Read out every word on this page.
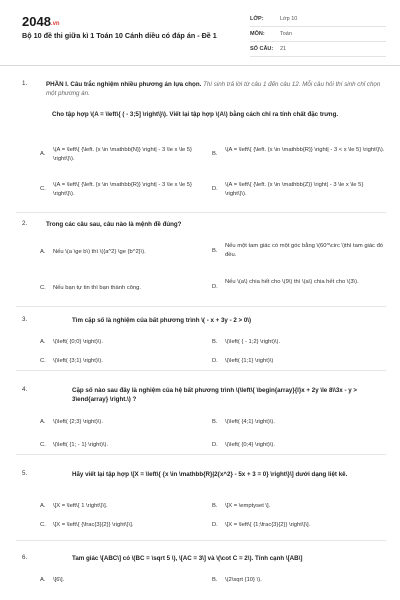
2048.vn
Bộ 10 đề thi giữa kì 1 Toán 10 Cánh diều có đáp án - Đề 1
LỚP:	Lớp 10
MÔN:	Toán
SỐ CÂU:	21
1.	PHẦN I. Câu trắc nghiệm nhiều phương án lựa chọn. Thí sinh trả lời từ câu 1 đến câu 12. Mỗi câu hỏi thí sinh chỉ chọn một phương án.
Cho tập hợp \(A = \left\{ ( - 3;5] \right\}\). Viết lại tập hợp \(A\) bằng cách chỉ ra tính chất đặc trưng.
A.
\(A = \left\{ {\left. {x \in \mathbb{N}} \right| - 3 \le x \le 5} \right\}\).
B.
\(A = \left\{ {\left. {x \in \mathbb{R}} \right| - 3 < x \le 5} \right\}\).
C.
\(A = \left\{ {\left. {x \in \mathbb{R}} \right| - 3 \le x \le 5} \right\}\).
D.
\(A = \left\{ {\left. {x \in \mathbb{Z}} \right| - 3 \le x \le 5} \right\}\).
2.	Trong các câu sau, câu nào là mệnh đề đúng?
A. Nếu \(a \ge b\) thì \({a^2} \ge {b^2}\).	B.
Nếu một tam giác có một góc bằng \(60^\circ \)thì tam giác đó đều.
C. Nếu bạn tự tin thì bạn thành công.	D.
Nếu \(a\) chia hết cho \(9\) thì \(a\) chia hết cho \(3\).
3.	Tìm cặp số là nghiệm của bất phương trình \( - x + 3y - 2 > 0\)
A. \(\left( {0;0} \right)\).	B. \(\left( { - 1;2} \right)\).
C. \(\left( {3;1} \right)\).	D. \(\left( {1;1} \right)\)
4.	Cặp số nào sau đây là nghiệm của hệ bất phương trình \(\left\{ \begin{array}{l}x + 2y \le 8\\3x - y > 3\end{array} \right.\) ?
A. \(\left( {2;3} \right)\).	B. \(\left( {4;1} \right)\).
C. \(\left( {1; - 1} \right)\).	D. \(\left( {0;4} \right)\).
5.	Hãy viết lại tập hợp \[X = \left\{ {x \in \mathbb{R}|2{x^2} - 5x + 3 = 0} \right\}\] dưới dạng liệt kê.
A. \[X = \left\{ 1 \right\}\].	B. \[X = \emptyset \].
C. \[X = \left\{ {\frac{3}{2}} \right\}\].	D. \[X = \left\{ {1;\frac{3}{2}} \right\}\].
6.	Tam giác \[ABC\] có \(BC = \sqrt 5 \), \[AC = 3\] và \(\cot C = 2\). Tính cạnh \[AB\]
A. \[6\].	B. \(2\sqrt {10} \).
